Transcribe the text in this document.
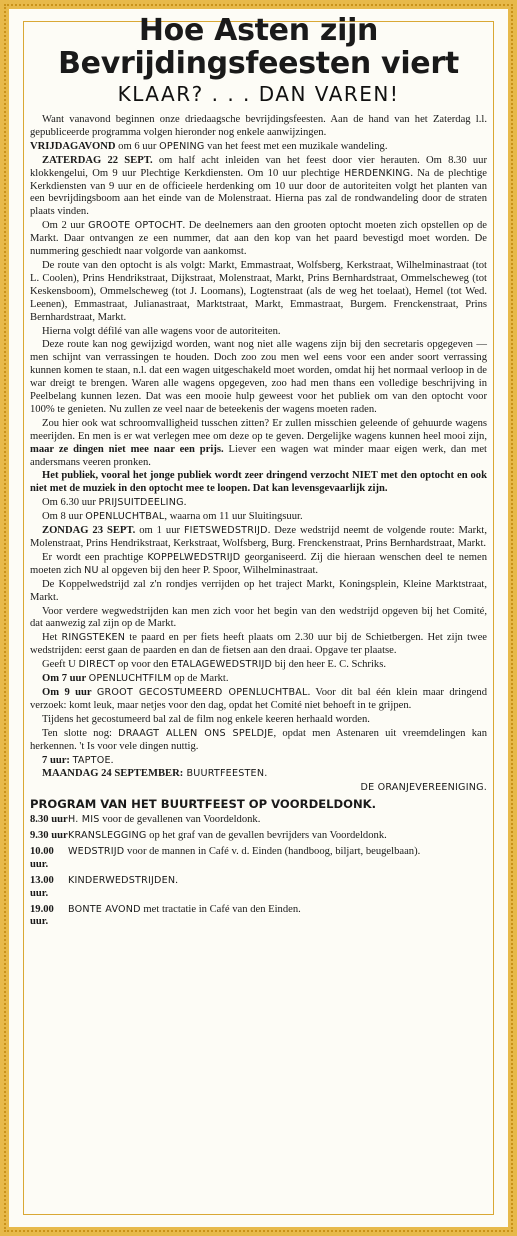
Hoe Asten zijn
Bevrijdingsfeesten viert
KLAAR? . . . DAN VAREN!

Want vanavond beginnen onze driedaagsche bevrijdingsfeesten. Aan de hand van het Zaterdag l.l. gepubliceerde programma volgen hieronder nog enkele aanwijzingen.

VRIJDAGAVOND om 6 uur OPENING van het feest met een muzikale wandeling.

ZATERDAG 22 SEPT. om half acht inleiden van het feest door vier herauten. Om 8.30 uur klokkengelui, Om 9 uur Plechtige Kerkdiensten. Om 10 uur plechtige HERDENKING. Na de plechtige Kerkdiensten van 9 uur en de officieele herdenking om 10 uur door de autoriteiten volgt het planten van een bevrijdingsboom aan het einde van de Molenstraat. Hierna pas zal de rondwandeling door de straten plaats vinden.

Om 2 uur GROOTE OPTOCHT. De deelnemers aan den grooten optocht moeten zich opstellen op de Markt. Daar ontvangen ze een nummer, dat aan den kop van het paard bevestigd moet worden. De nummering geschiedt naar volgorde van aankomst.

De route van den optocht is als volgt: Markt, Emmastraat, Wolfsberg, Kerkstraat, Wilhelminastraat (tot L. Coolen), Prins Hendrikstraat, Dijkstraat, Molenstraat, Markt, Prins Bernhardstraat, Ommelscheweg (tot Keskensboom), Ommelscheweg (tot J. Loomans), Logtenstraat (als de weg het toelaat), Hemel (tot Wed. Leenen), Emmastraat, Julianastraat, Marktstraat, Markt, Emmastraat, Burgem. Frenckenstraat, Prins Bernhardstraat, Markt.

Hierna volgt défilé van alle wagens voor de autoriteiten.

Deze route kan nog gewijzigd worden, want nog niet alle wagens zijn bij den secretaris opgegeven — men schijnt van verrassingen te houden. Doch zoo zou men wel eens voor een ander soort verrassing kunnen komen te staan, n.l. dat een wagen uitgeschakeld moet worden, omdat hij het normaal verloop in de war dreigt te brengen. Waren alle wagens opgegeven, zoo had men thans een volledige beschrijving in Peelbelang kunnen lezen. Dat was een mooie hulp geweest voor het publiek om van den optocht voor 100% te genieten. Nu zullen ze veel naar de beteekenis der wagens moeten raden.

Zou hier ook wat schroomvalligheid tusschen zitten? Er zullen misschien geleende of gehuurde wagens meerijden. En men is er wat verlegen mee om deze op te geven. Dergelijke wagens kunnen heel mooi zijn, maar ze dingen niet mee naar een prijs. Liever een wagen wat minder maar eigen werk, dan met andersmans veeren pronken.

Het publiek, vooral het jonge publiek wordt zeer dringend verzocht NIET met den optocht en ook niet met de muziek in den optocht mee te loopen. Dat kan levensgevaarlijk zijn.

Om 6.30 uur PRIJSUITDEELING.

Om 8 uur OPENLUCHTBAL, waarna om 11 uur Sluitingsuur.

ZONDAG 23 SEPT. om 1 uur FIETSWEDSTRIJD. Deze wedstrijd neemt de volgende route: Markt, Molenstraat, Prins Hendrikstraat, Kerkstraat, Wolfsberg, Burg. Frenckenstraat, Prins Bernhardstraat, Markt.

Er wordt een prachtige KOPPELWEDSTRIJD georganiseerd. Zij die hieraan wenschen deel te nemen moeten zich NU al opgeven bij den heer P. Spoor, Wilhelminastraat.

De Koppelwedstrijd zal z'n rondjes verrijden op het traject Markt, Koningsplein, Kleine Marktstraat, Markt.

Voor verdere wegwedstrijden kan men zich voor het begin van den wedstrijd opgeven bij het Comité, dat aanwezig zal zijn op de Markt.

Het RINGSTEKEN te paard en per fiets heeft plaats om 2.30 uur bij de Schietbergen. Het zijn twee wedstrijden: eerst gaan de paarden en dan de fietsen aan den draai. Opgave ter plaatse.

Geeft U DIRECT op voor den ETALAGEWEDSTRIJD bij den heer E. C. Schriks.

Om 7 uur OPENLUCHTFILM op de Markt.

Om 9 uur GROOT GECOSTUMEERD OPENLUCHTBAL. Voor dit bal één klein maar dringend verzoek: komt leuk, maar netjes voor den dag, opdat het Comité niet behoeft in te grijpen.

Tijdens het gecostumeerd bal zal de film nog enkele keeren herhaald worden.

Ten slotte nog: DRAAGT ALLEN ONS SPELDJE, opdat men Astenaren uit vreemdelingen kan herkennen. 't Is voor vele dingen nuttig.

7 uur: TAPTOE.

MAANDAG 24 SEPTEMBER: BUURTFEESTEN.

DE ORANJEVEREENIGING.

PROGRAM VAN HET BUURTFEEST OP VOORDELDONK.
8.30 uur H. MIS voor de gevallenen van Voordeldonk.
9.30 uur KRANSLEGGING op het graf van de gevallen bevrijders van Voordeldonk.
10.00 uur.
WEDSTRIJD voor de mannen in Café v. d. Einden (handboog, biljart, beugelbaan).
13.00 uur.
KINDERWEDSTRIJDEN.
19.00 uur.
BONTE AVOND met tractatie in Café van den Einden.
